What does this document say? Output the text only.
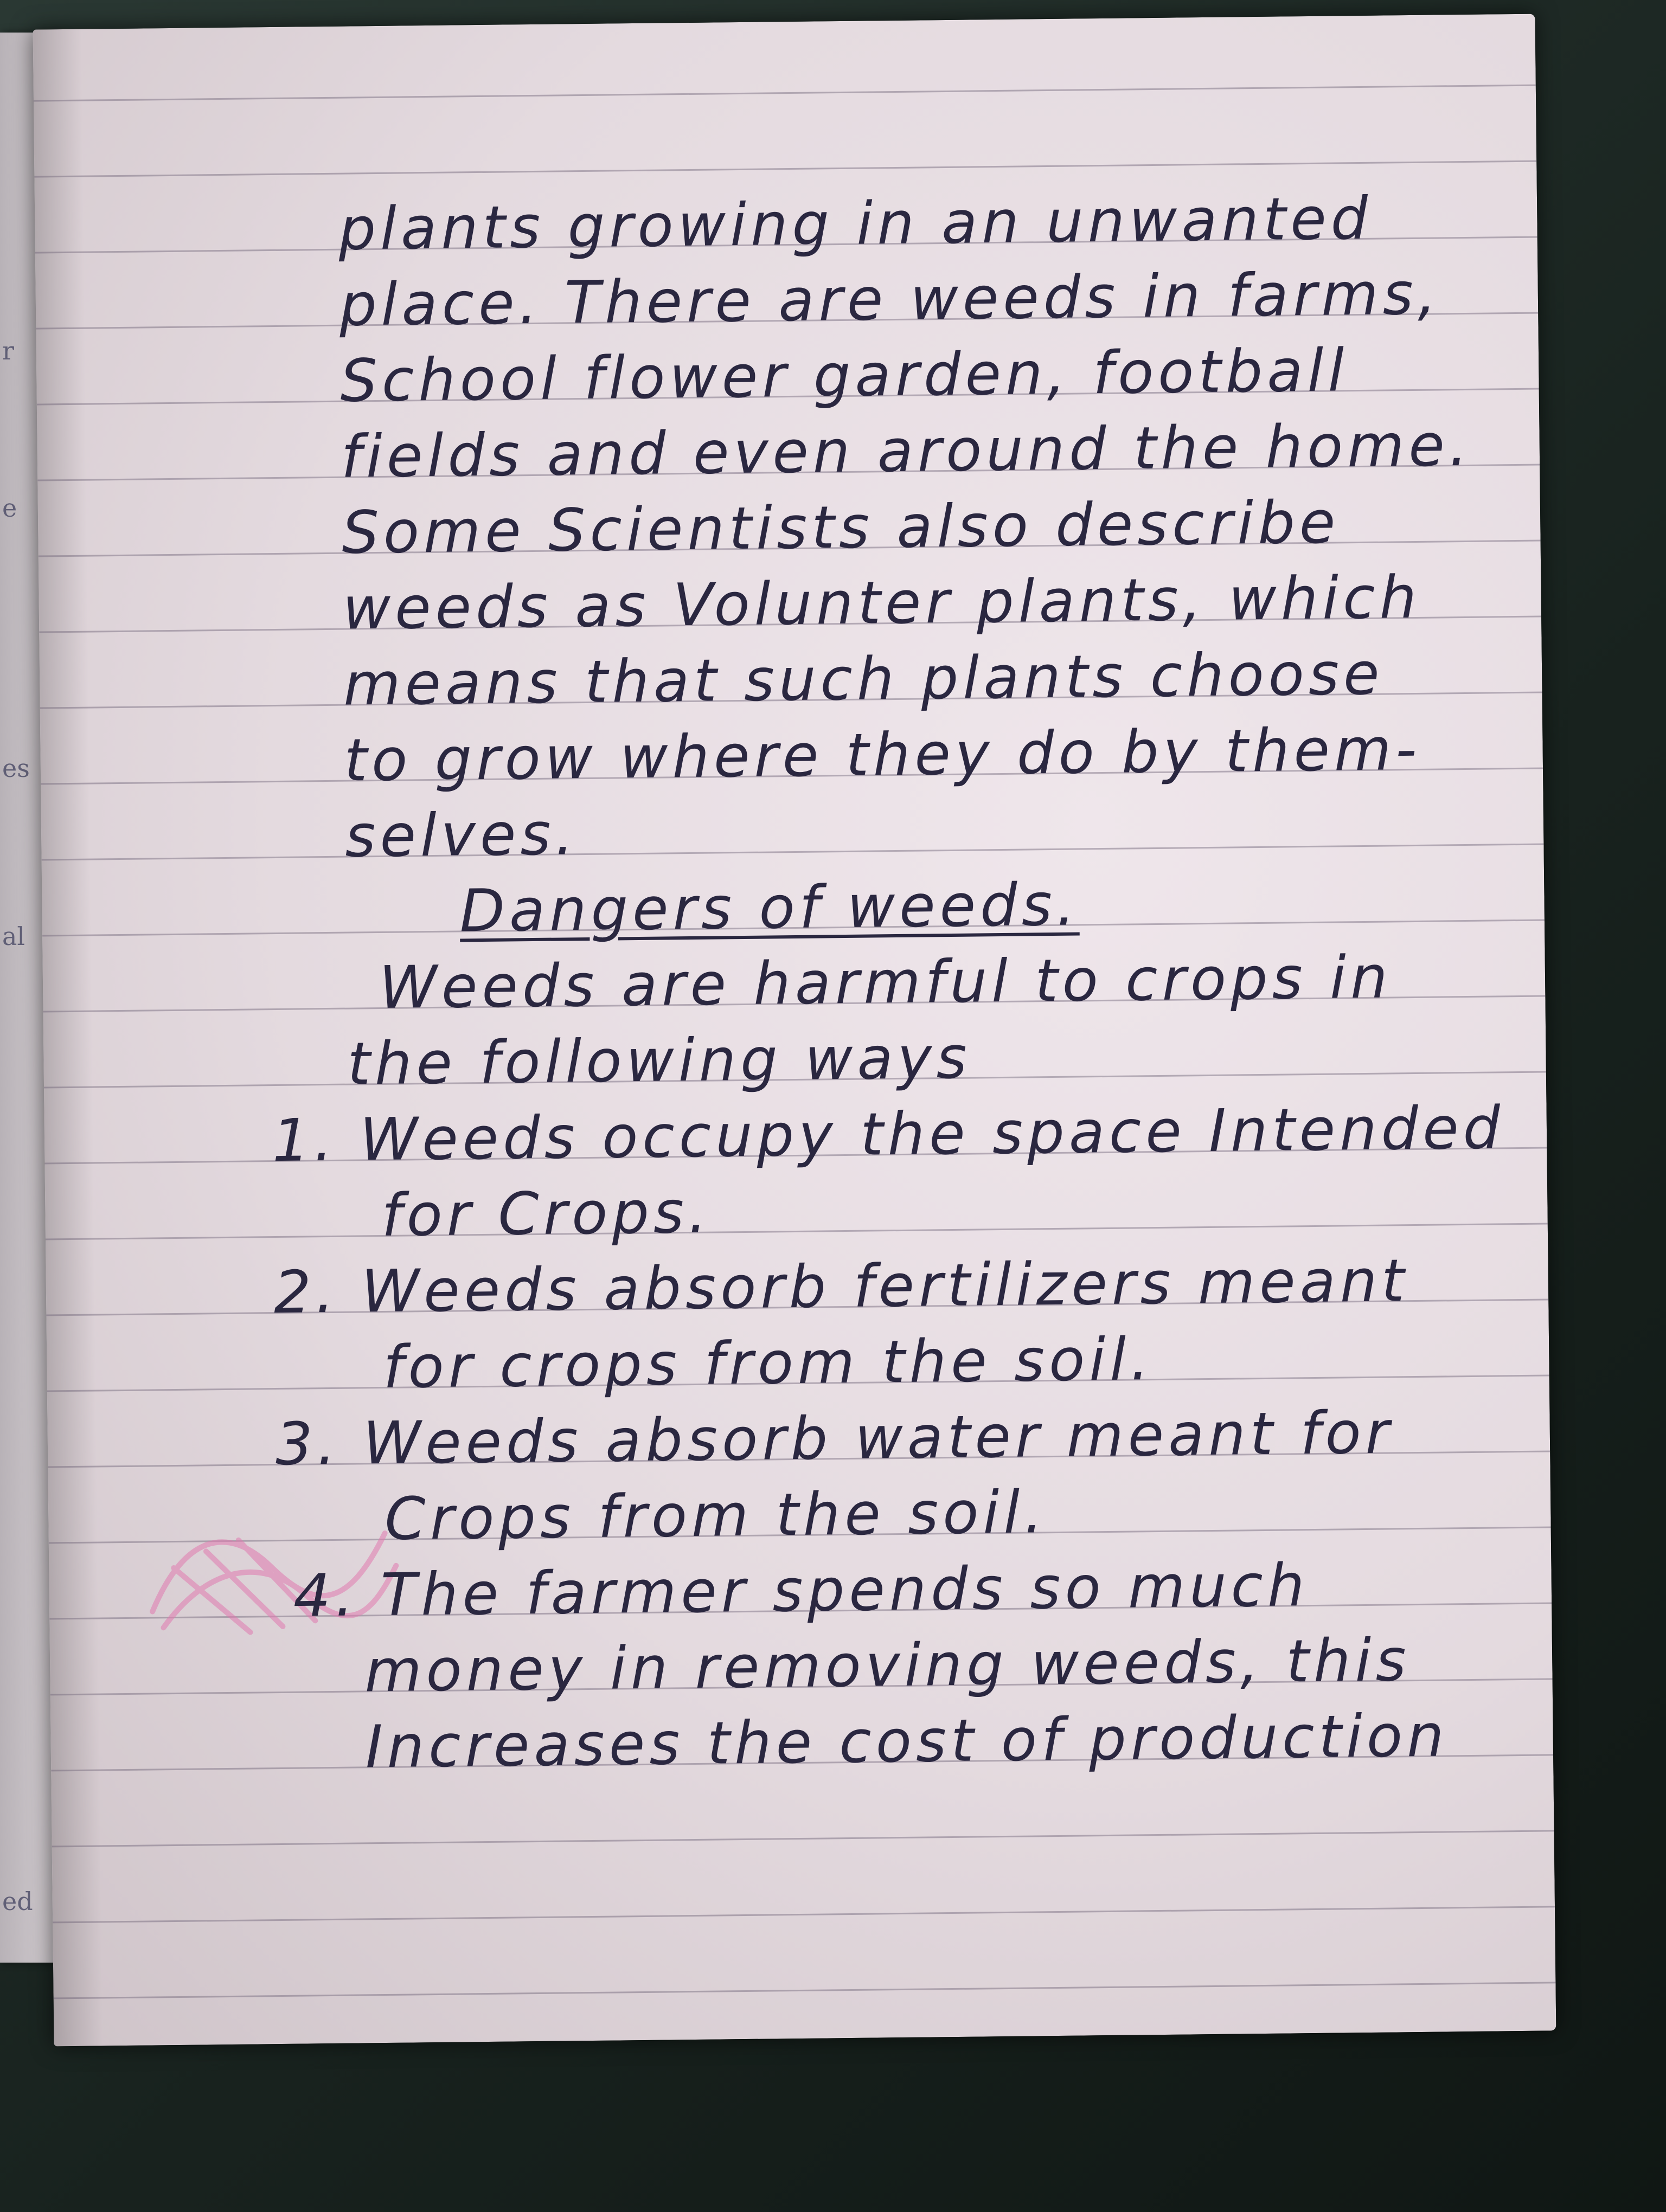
r
e
es
al
ed
plants growing in an unwanted
place. There are weeds in farms,
School flower garden, football
fields and even around the home.
Some Scientists also describe
weeds as Volunter plants, which
means that such plants choose
to grow where they do by them-
selves.
Dangers of weeds.
Weeds are harmful to crops in
the following ways
1. Weeds occupy the space Intended
for Crops.
2. Weeds absorb fertilizers meant
for crops from the soil.
3. Weeds absorb water meant for
Crops from the soil.
4. The farmer spends so much
money in removing weeds, this
Increases the cost of production
